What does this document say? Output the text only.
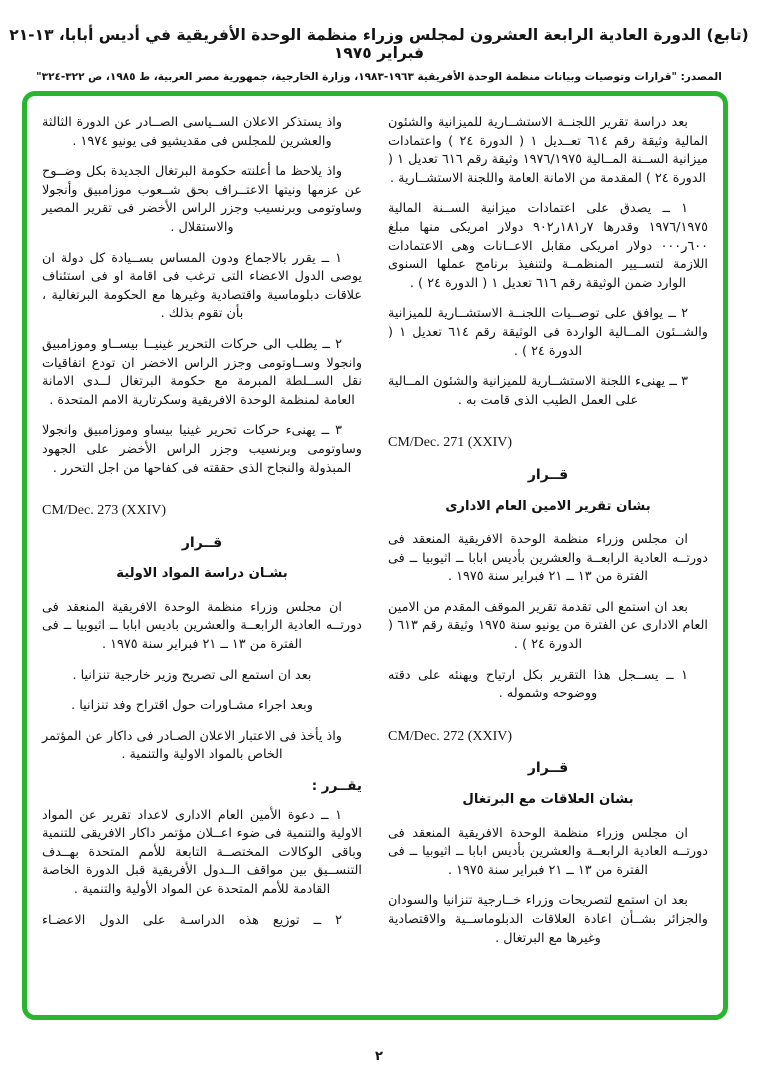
(تابع) الدورة العادية الرابعة العشرون لمجلس وزراء منظمة الوحدة الأفريقية في أديس أبابا، ١٣-٢١ فبراير ١٩٧٥
المصدر: "قرارات وتوصيات وبيانات منظمة الوحدة الأفريقية ١٩٦٣-١٩٨٣، وزارة الخارجية، جمهورية مصر العربية، ط ١٩٨٥، ص ٣٢٢-٣٢٤"
بعد دراسة تقرير اللجنــة الاستشــارية للميزانية والشئون المالية وثيقة رقم ٦١٤ تعــديل ١ ( الدورة ٢٤ ) واعتمادات ميزانية الســنة المــالية ١٩٧٦/١٩٧٥ وثيقة رقم ٦١٦ تعديل ١ ( الدورة ٢٤ ) المقدمة من الامانة العامة واللجنة الاستشــارية .
١ ــ يصدق على اعتمادات ميزانية الســنة المالية ١٩٧٦/١٩٧٥ وقدرها ٧ر١٨١ر٩٠٢ دولار امريكى منها مبلغ ٦٠٠ر٠٠٠ دولار امريكى مقابل الاعــانات وهى الاعتمادات اللازمة لتســيير المنظمــة ولتنفيذ برنامج عملها السنوى الوارد ضمن الوثيقة رقم ٦١٦ تعديل ١ ( الدورة ٢٤ ) .
٢ ــ يوافق على توصــيات اللجنــة الاستشــارية للميزانية والشــئون المــالية الواردة فى الوثيقة رقم ٦١٤ تعديل ١ ( الدورة ٢٤ ) .
٣ ــ يهنىء اللجنة الاستشــارية للميزانية والشئون المــالية على العمل الطيب الذى قامت به .
CM/Dec. 271 (XXIV)
قــرار
بشان تقرير الامين العام الادارى
ان مجلس وزراء منظمة الوحدة الافريقية المنعقد فى دورتــه العادية الرابعــة والعشرين بأديس ابابا ــ اثيوبيا ــ فى الفترة من ١٣ ــ ٢١ فبراير سنة ١٩٧٥ .
بعد ان استمع الى تقدمة تقرير الموقف المقدم من الامين العام الادارى عن الفترة من يونيو سنة ١٩٧٥ وثيقة رقم ٦١٣ ( الدورة ٢٤ ) .
١ ــ يســجل هذا التقرير بكل ارتياح ويهنئه على دقته ووضوحه وشموله .
CM/Dec. 272 (XXIV)
قــرار
بشان العلاقات مع البرتغال
ان مجلس وزراء منظمة الوحدة الافريقية المنعقد فى دورتــه العادية الرابعــة والعشرين بأديس ابابا ــ اثيوبيا ــ فى الفترة من ١٣ ــ ٢١ فبراير سنة ١٩٧٥ .
بعد ان استمع لتصريحات وزراء خــارجية تنزانيا والسودان والجزائر بشــأن اعادة العلاقات الدبلوماســية والاقتصادية وغيرها مع البرتغال .
واذ يستذكر الاعلان الســياسى الصــادر عن الدورة الثالثة والعشرين للمجلس فى مقديشيو فى يونيو ١٩٧٤ .
واذ يلاحظ ما أعلنته حكومة البرتغال الجديدة بكل وضــوح عن عزمها ونيتها الاعتــراف بحق شــعوب موزامبيق وأنجولا وساوتومى وبرنسيب وجزر الراس الأخضر فى تقرير المصير والاستقلال .
١ ــ يقرر بالاجماع ودون المساس بســيادة كل دولة ان يوصى الدول الاعضاء التى ترغب فى اقامة او فى استئناف علاقات دبلوماسية واقتصادية وغيرها مع الحكومة البرتغالية ، بأن تقوم بذلك .
٢ ــ يطلب الى حركات التحرير غينيــا بيســاو وموزامبيق وانجولا وســاوتومى وجزر الراس الاخضر ان تودع اتفاقيات نقل الســلطة المبرمة مع حكومة البرتغال لــدى الامانة العامة لمنظمة الوحدة الافريقية وسكرتارية الامم المتحدة .
٣ ــ يهنىء حركات تحرير غينيا بيساو وموزامبيق وانجولا وساوتومى وبرنسيب وجزر الراس الأخضر على الجهود المبذولة والنجاح الذى حققته فى كفاحها من اجل التحرر .
CM/Dec. 273 (XXIV)
قــرار
بشـان دراسة المواد الاولية
ان مجلس وزراء منظمة الوحدة الافريقية المنعقد فى دورتــه العادية الرابعــة والعشرين باديس ابابا ــ اثيوبيا ــ فى الفترة من ١٣ ــ ٢١ فبراير سنة ١٩٧٥ .
بعد ان استمع الى تصريح وزير خارجية تنزانيا .
وبعد اجراء مشـاورات حول اقتراح وفد تنزانيا .
واذ يأخذ فى الاعتبار الاعلان الصـادر فى داكار عن المؤتمر الخاص بالمواد الاولية والتنمية .
يقــرر :
١ ــ دعوة الأمين العام الادارى لاعداد تقرير عن المواد الاولية والتنمية فى ضوء اعــلان مؤتمر داكار الافريقى للتنمية وباقى الوكالات المختصــة التابعة للأمم المتحدة بهــدف التنســيق بين مواقف الــدول الأفريقية قبل الدورة الخاصة القادمة للأمم المتحدة عن المواد الأولية والتنمية .
٢ ــ توزيع هذه الدراسـة على الدول الاعضـاء
٢
